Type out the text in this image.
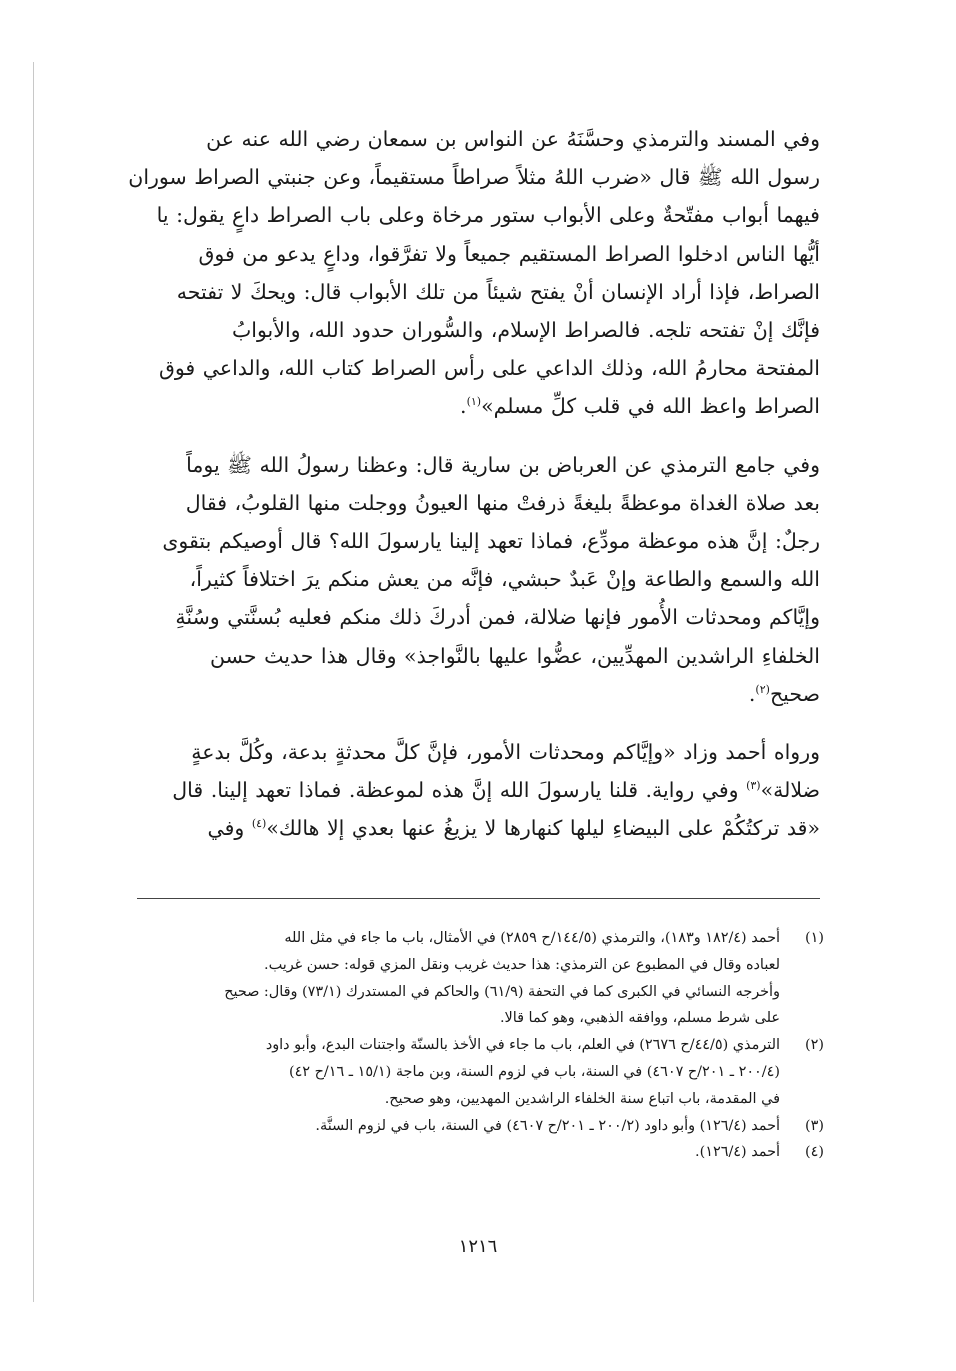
وفي المسند والترمذي وحسَّنَهُ عن النواس بن سمعان رضي الله عنه عن

رسول الله ﷺ قال «ضرب اللهُ مثلاً صراطاً مستقيماً، وعن جنبتي الصراط سوران

فيهما أبواب مفتّحةٌ وعلى الأبواب ستور مرخاة وعلى باب الصراط داعٍ يقول: يا

أيُّها الناس ادخلوا الصراط المستقيم جميعاً ولا تفرَّقوا، وداعٍ يدعو من فوق

الصراط، فإذا أراد الإنسان أنْ يفتح شيئاً من تلك الأبواب قال: ويحكَ لا تفتحه

فإنَّك إنْ تفتحه تلجه. فالصراط الإسلام، والسُّوران حدود الله، والأبوابُ

المفتحة محارمُ الله، وذلك الداعي على رأس الصراط كتاب الله، والداعي فوق

الصراط واعظ الله في قلب كلِّ مسلم»$^{(١)}$.

وفي جامع الترمذي عن العرباض بن سارية قال: وعظنا رسولُ الله ﷺ يوماً

بعد صلاة الغداة موعظةً بليغةً ذرفتْ منها العيونُ ووجلت منها القلوبُ، فقال

رجلٌ: إنَّ هذه موعظة مودِّع، فماذا تعهد إلينا يارسولَ الله؟ قال أوصيكم بتقوى

الله والسمع والطاعة وإنْ عَبدٌ حبشي، فإنَّه من يعش منكم يرَ اختلافاً كثيراً،

وإيَّاكم ومحدثات الأُمور فإنها ضلالة، فمن أدركَ ذلك منكم فعليه بُسنَّتي وسُنَّةِ

الخلفاءِ الراشدين المهدِّيين، عضُّوا عليها بالنَّواجذ» وقال هذا حديث حسن

صحيح$^{(٢)}$.

ورواه أحمد وزاد «وإيَّاكم ومحدثات الأمور، فإنَّ كلَّ محدثةٍ بدعة، وكُلَّ بدعةٍ

ضلالة»$^{(٣)}$ وفي رواية. قلنا يارسولَ الله إنَّ هذه لموعظة. فماذا تعهد إلينا. قال

«قد تركتُكُمْ على البيضاءِ ليلها كنهارها لا يزيغُ عنها بعدي إلا هالك»$^{(٤)}$ وفي

(١)

أحمد (١٨٢/٤ و١٨٣)، والترمذي (١٤٤/٥/ح ٢٨٥٩) في الأمثال، باب ما جاء في مثل الله

لعباده وقال في المطبوع عن الترمذي: هذا حديث غريب ونقل المزي قوله: حسن غريب.

وأخرجه النسائي في الكبرى كما في التحفة (٦١/٩) والحاكم في المستدرك (٧٣/١) وقال: صحيح

على شرط مسلم، ووافقه الذهبي، وهو كما قالا.

(٢)

الترمذي (٤٤/٥/ح ٢٦٧٦) في العلم، باب ما جاء في الأخذ بالسنّة واجتنات البدع، وأبو داود

(٢٠٠/٤ ـ ٢٠١/ح ٤٦٠٧) في السنة، باب في لزوم السنة، وبن ماجة (١٥/١ ـ ١٦/ح ٤٢)

في المقدمة، باب اتباع سنة الخلفاء الراشدين المهديين، وهو صحيح.

(٣)

أحمد (١٢٦/٤) وأبو داود (٢٠٠/٢ ـ ٢٠١/ح ٤٦٠٧) في السنة، باب في لزوم السنَّة.

(٤)

أحمد (١٢٦/٤).

١٢١٦
